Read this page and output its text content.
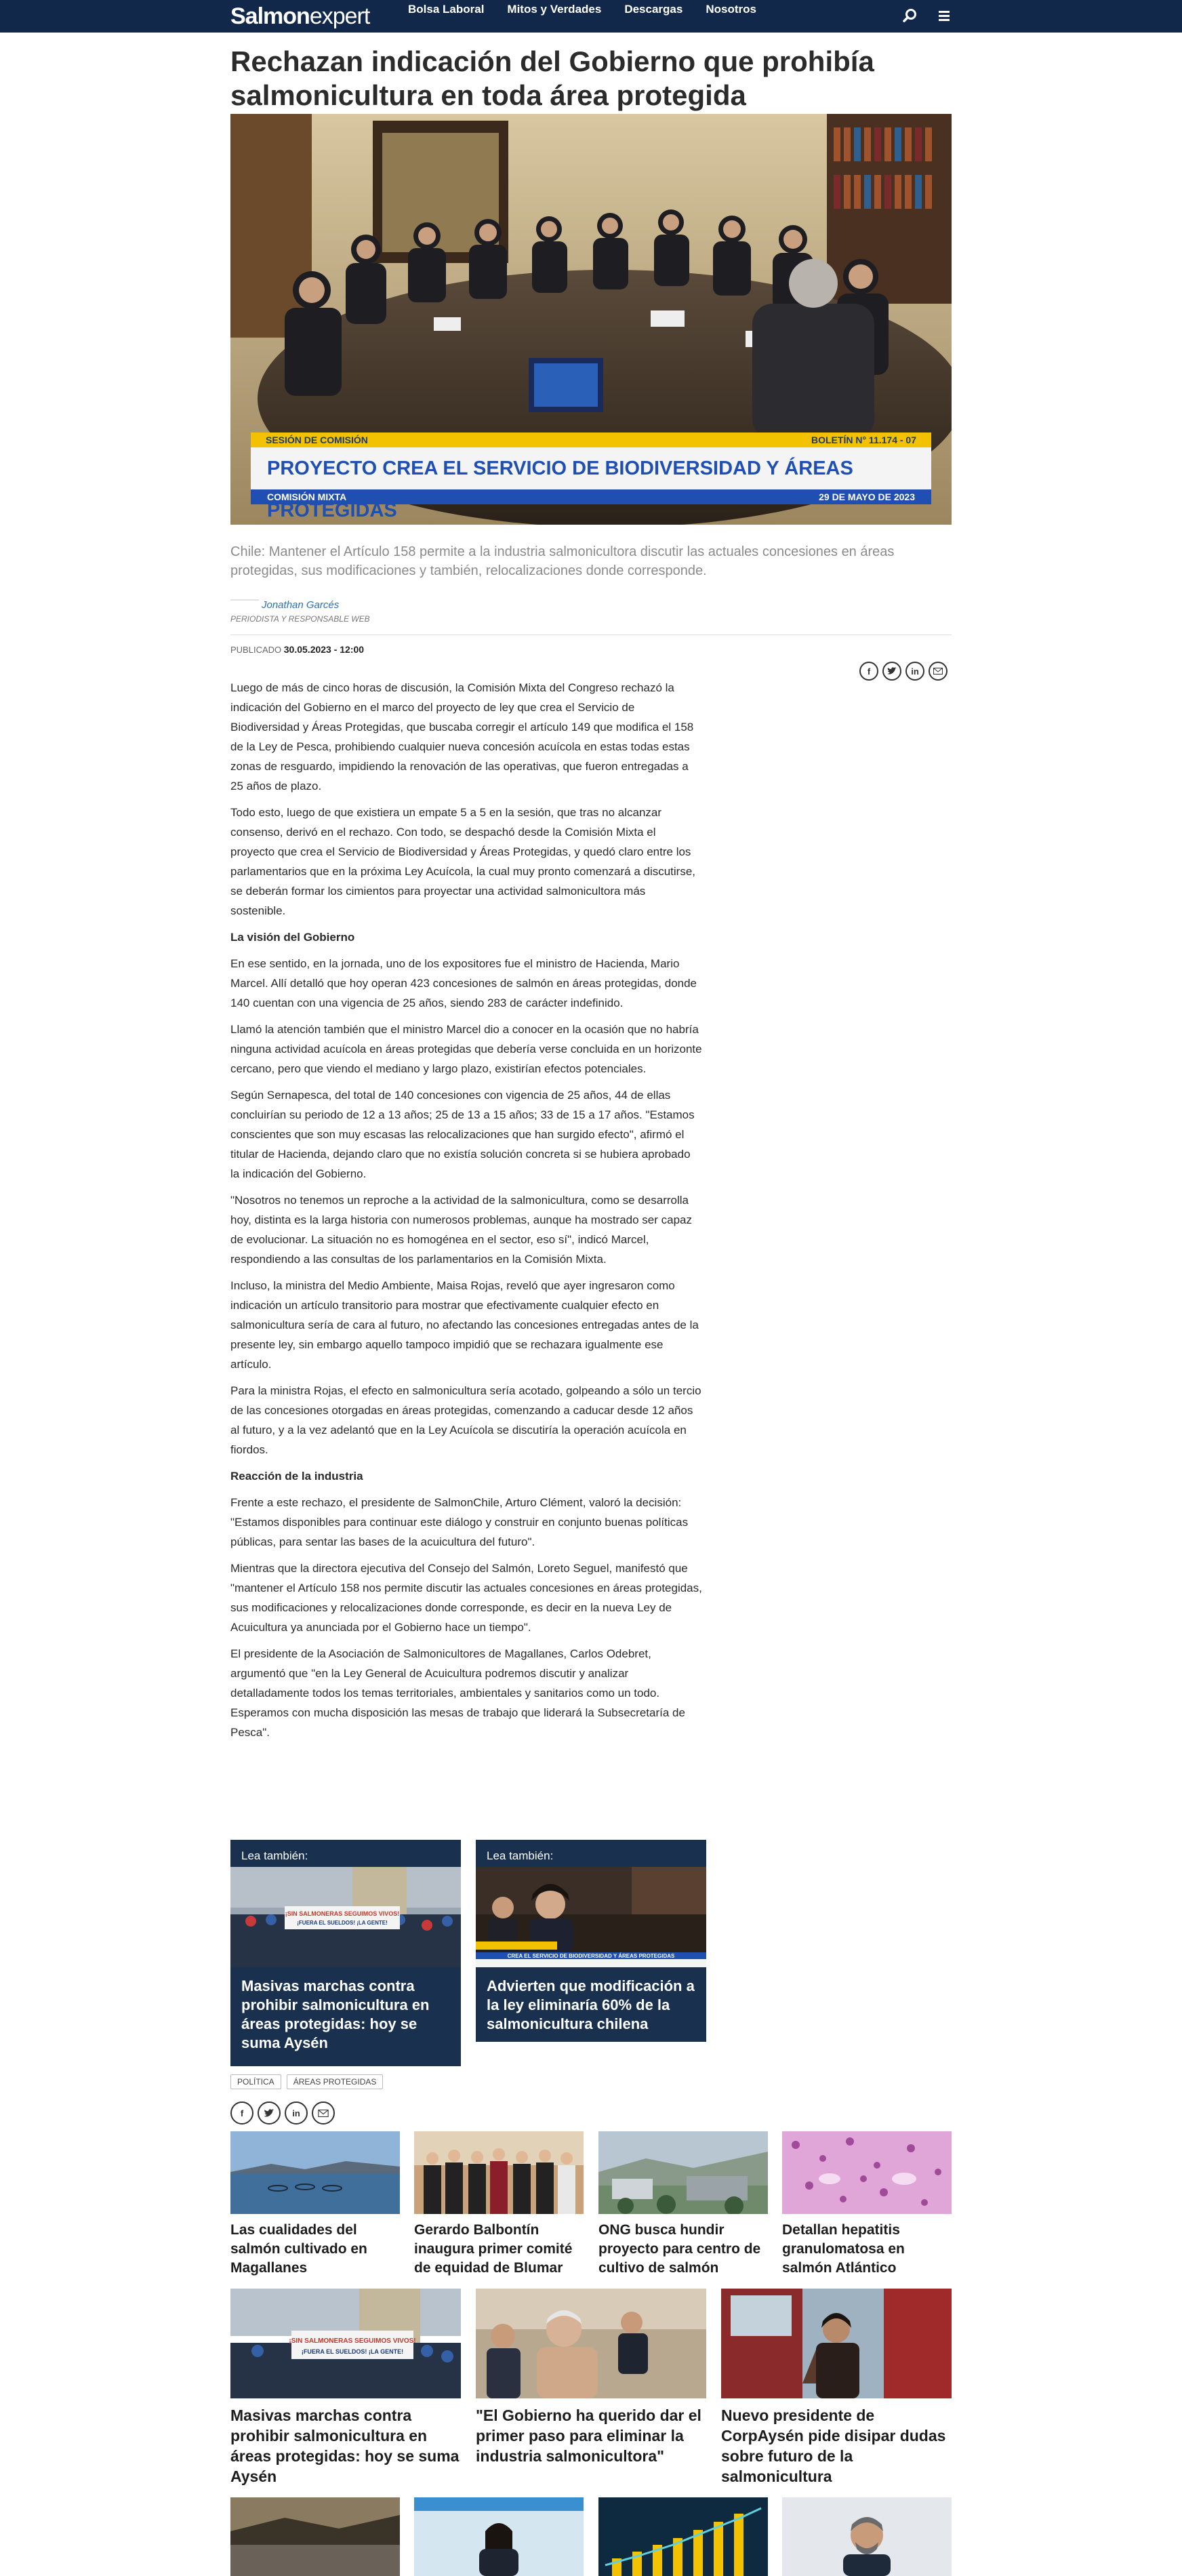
Salmonexpert	Bolsa Laboral Mitos y Verdades Descargas Nosotros
Rechazan indicación del Gobierno que prohibía salmonicultura en toda área protegida
SESIÓN DE COMISIÓN	BOLETÍN N° 11.174 - 07
PROYECTO CREA EL SERVICIO DE BIODIVERSIDAD Y ÁREAS PROTEGIDAS
COMISIÓN MIXTA	29 DE MAYO DE 2023

Chile: Mantener el Artículo 158 permite a la industria salmonicultora discutir las actuales concesiones en áreas protegidas, sus modificaciones y también, relocalizaciones donde corresponde.

Jonathan Garcés
PERIODISTA Y RESPONSABLE WEB
PUBLICADO 30.05.2023 - 12:00
f	in

Luego de más de cinco horas de discusión, la Comisión Mixta del Congreso rechazó la indicación del Gobierno en el marco del proyecto de ley que crea el Servicio de Biodiversidad y Áreas Protegidas, que buscaba corregir el artículo 149 que modifica el 158 de la Ley de Pesca, prohibiendo cualquier nueva concesión acuícola en estas todas estas zonas de resguardo, impidiendo la renovación de las operativas, que fueron entregadas a 25 años de plazo.

Todo esto, luego de que existiera un empate 5 a 5 en la sesión, que tras no alcanzar consenso, derivó en el rechazo. Con todo, se despachó desde la Comisión Mixta el proyecto que crea el Servicio de Biodiversidad y Áreas Protegidas, y quedó claro entre los parlamentarios que en la próxima Ley Acuícola, la cual muy pronto comenzará a discutirse, se deberán formar los cimientos para proyectar una actividad salmonicultora más sostenible.

La visión del Gobierno

En ese sentido, en la jornada, uno de los expositores fue el ministro de Hacienda, Mario Marcel. Allí detalló que hoy operan 423 concesiones de salmón en áreas protegidas, donde 140 cuentan con una vigencia de 25 años, siendo 283 de carácter indefinido.

Llamó la atención también que el ministro Marcel dio a conocer en la ocasión que no habría ninguna actividad acuícola en áreas protegidas que debería verse concluida en un horizonte cercano, pero que viendo el mediano y largo plazo, existirían efectos potenciales.

Según Sernapesca, del total de 140 concesiones con vigencia de 25 años, 44 de ellas concluirían su periodo de 12 a 13 años; 25 de 13 a 15 años; 33 de 15 a 17 años. "Estamos conscientes que son muy escasas las relocalizaciones que han surgido efecto", afirmó el titular de Hacienda, dejando claro que no existía solución concreta si se hubiera aprobado la indicación del Gobierno.

"Nosotros no tenemos un reproche a la actividad de la salmonicultura, como se desarrolla hoy, distinta es la larga historia con numerosos problemas, aunque ha mostrado ser capaz de evolucionar. La situación no es homogénea en el sector, eso sí", indicó Marcel, respondiendo a las consultas de los parlamentarios en la Comisión Mixta.

Incluso, la ministra del Medio Ambiente, Maisa Rojas, reveló que ayer ingresaron como indicación un artículo transitorio para mostrar que efectivamente cualquier efecto en salmonicultura sería de cara al futuro, no afectando las concesiones entregadas antes de la presente ley, sin embargo aquello tampoco impidió que se rechazara igualmente ese artículo.

Para la ministra Rojas, el efecto en salmonicultura sería acotado, golpeando a sólo un tercio de las concesiones otorgadas en áreas protegidas, comenzando a caducar desde 12 años al futuro, y a la vez adelantó que en la Ley Acuícola se discutiría la operación acuícola en fiordos.

Reacción de la industria

Frente a este rechazo, el presidente de SalmonChile, Arturo Clément, valoró la decisión: "Estamos disponibles para continuar este diálogo y construir en conjunto buenas políticas públicas, para sentar las bases de la acuicultura del futuro".

Mientras que la directora ejecutiva del Consejo del Salmón, Loreto Seguel, manifestó que "mantener el Artículo 158 nos permite discutir las actuales concesiones en áreas protegidas, sus modificaciones y relocalizaciones donde corresponde, es decir en la nueva Ley de Acuicultura ya anunciada por el Gobierno hace un tiempo".

El presidente de la Asociación de Salmonicultores de Magallanes, Carlos Odebret, argumentó que "en la Ley General de Acuicultura podremos discutir y analizar detalladamente todos los temas territoriales, ambientales y sanitarios como un todo. Esperamos con mucha disposición las mesas de trabajo que liderará la Subsecretaría de Pesca".

Lea también:
¡SIN SALMONERAS SEGUIMOS VIVOS!
¡FUERA EL SUELDOS! ¡LA GENTE!
Masivas marchas contra prohibir salmonicultura en áreas protegidas: hoy se suma Aysén
Lea también:
CREA EL SERVICIO DE BIODIVERSIDAD Y ÁREAS PROTEGIDAS
Advierten que modificación a la ley eliminaría 60% de la salmonicultura chilena
POLÍTICA	ÁREAS PROTEGIDAS
f	in
Las cualidades del salmón cultivado en Magallanes
Gerardo Balbontín inaugura primer comité de equidad de Blumar
ONG busca hundir proyecto para centro de cultivo de salmón
Detallan hepatitis granulomatosa en salmón Atlántico
¡SIN SALMONERAS SEGUIMOS VIVOS!
¡FUERA EL SUELDOS! ¡LA GENTE!
Masivas marchas contra prohibir salmonicultura en áreas protegidas: hoy se suma Aysén
"El Gobierno ha querido dar el primer paso para eliminar la industria salmonicultora"
Nuevo presidente de CorpAysén pide disipar dudas sobre futuro de la salmonicultura
